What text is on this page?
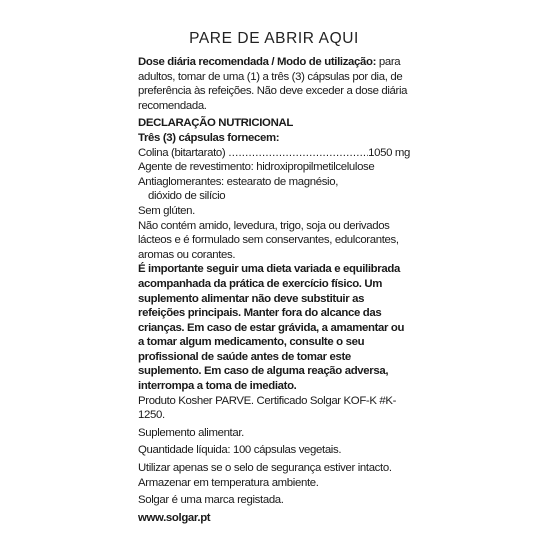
PARE DE ABRIR AQUI

Dose diária recomendada / Modo de utilização: para adultos, tomar de uma (1) a três (3) cápsulas por dia, de preferência às refeições. Não deve exceder a dose diária recomendada.

DECLARAÇÃO NUTRICIONAL

Três (3) cápsulas fornecem:

Colina (bitartarato)
.....	1050 mg

Agente de revestimento: hidroxipropilmetilcelulose

Antiaglomerantes: estearato de magnésio,

dióxido de silício

Sem glúten.

Não contém amido, levedura, trigo, soja ou derivados lácteos e é formulado sem conservantes, edulcorantes, aromas ou corantes.

É importante seguir uma dieta variada e equilibrada acompanhada da prática de exercício físico. Um suplemento alimentar não deve substituir as refeições principais. Manter fora do alcance das crianças. Em caso de estar grávida, a amamentar ou a tomar algum medicamento, consulte o seu profissional de saúde antes de tomar este suplemento. Em caso de alguma reação adversa, interrompa a toma de imediato.

Produto Kosher PARVE. Certificado Solgar KOF-K #K-1250.

Suplemento alimentar.

Quantidade líquida: 100 cápsulas vegetais.

Utilizar apenas se o selo de segurança estiver intacto.

Armazenar em temperatura ambiente.

Solgar é uma marca registada.

www.solgar.pt
